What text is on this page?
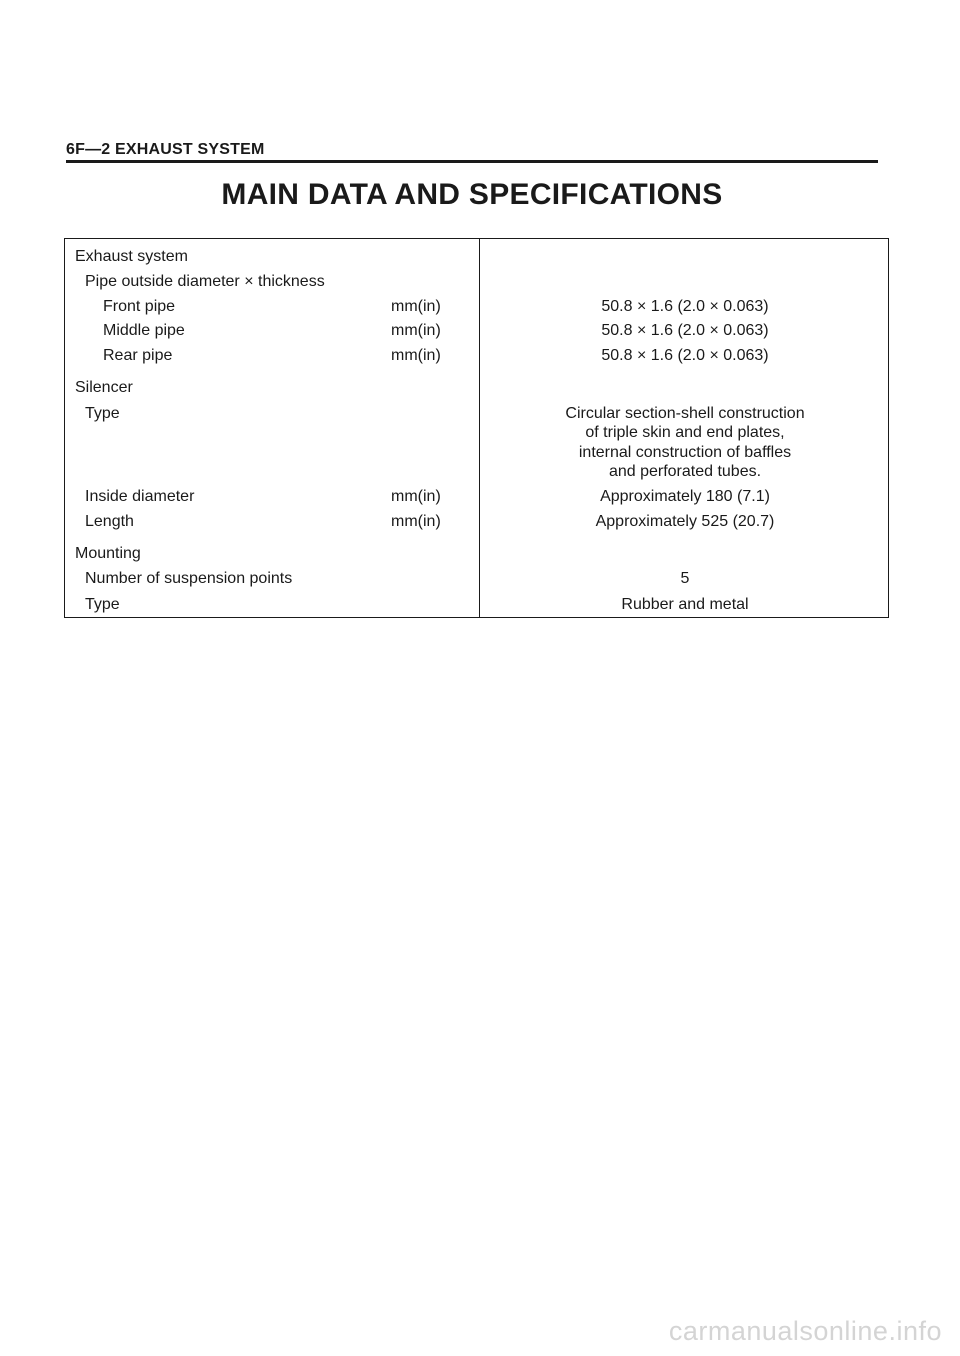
6F—2 EXHAUST SYSTEM
MAIN DATA AND SPECIFICATIONS
Exhaust system
Pipe outside diameter × thickness
Front pipe	mm(in)	50.8 × 1.6 (2.0 × 0.063)
Middle pipe	mm(in)	50.8 × 1.6 (2.0 × 0.063)
Rear pipe	mm(in)	50.8 × 1.6 (2.0 × 0.063)
Silencer
Type	Circular section-shell construction
of triple skin and end plates,
internal construction of baffles
and perforated tubes.
Inside diameter	mm(in)	Approximately 180 (7.1)
Length	mm(in)	Approximately 525 (20.7)
Mounting
Number of suspension points	5
Type	Rubber and metal
carmanualsonline.info
